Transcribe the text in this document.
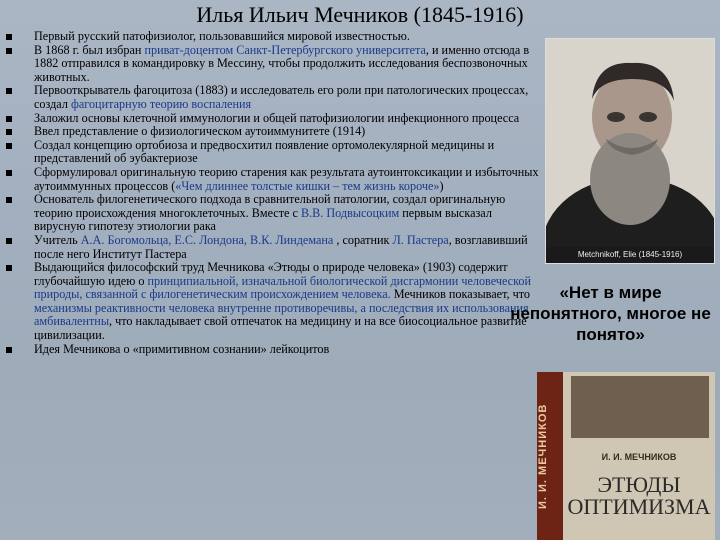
Илья Ильич Мечников (1845-1916)
Первый русский патофизиолог, пользовавшийся мировой известностью.
В 1868 г. был избран приват-доцентом Санкт-Петербургского университета, и именно отсюда в 1882 отправился в командировку в Мессину, чтобы продолжить исследования беспозвоночных животных.
Первооткрыватель фагоцитоза (1883) и исследователь его роли при патологических процессах, создал фагоцитарную теорию воспаления
Заложил основы клеточной иммунологии и общей патофизиологии инфекционного процесса
Ввел представление о физиологическом аутоиммунитете (1914)
Создал концепцию ортобиоза и предвосхитил появление ортомолекулярной медицины и представлений об эубактериозе
Сформулировал оригинальную теорию старения как результата аутоинтоксикации и избыточных аутоиммунных процессов («Чем длиннее толстые кишки – тем жизнь короче»)
Основатель филогенетического подхода в сравнительной патологии, создал оригинальную теорию происхождения многоклеточных. Вместе с В.В. Подвысоцким первым высказал вирусную гипотезу этиологии рака
Учитель А.А. Богомольца, Е.С. Лондона, В.К. Линдемана , соратник Л. Пастера, возглавивший после него Институт Пастера
Выдающийся философский труд Мечникова «Этюды о природе человека» (1903) содержит глубочайшую идею о принципиальной, изначальной биологической дисгармонии человеческой природы, связанной с филогенетическим происхождением человека. Мечников показывает, что механизмы реактивности человека внутренне противоречивы, а последствия их использования амбивалентны, что накладывает свой отпечаток на медицину и на все биосоциальное развитие цивилизации.
Идея Мечникова о «примитивном сознании» лейкоцитов
Metchnikoff, Elie (1845-1916)
«Нет в мире непонятного, многое не понято»
И. И. МЕЧНИКОВ	И. И. МЕЧНИКОВ
ЭТЮДЫ
ОПТИМИЗМА
